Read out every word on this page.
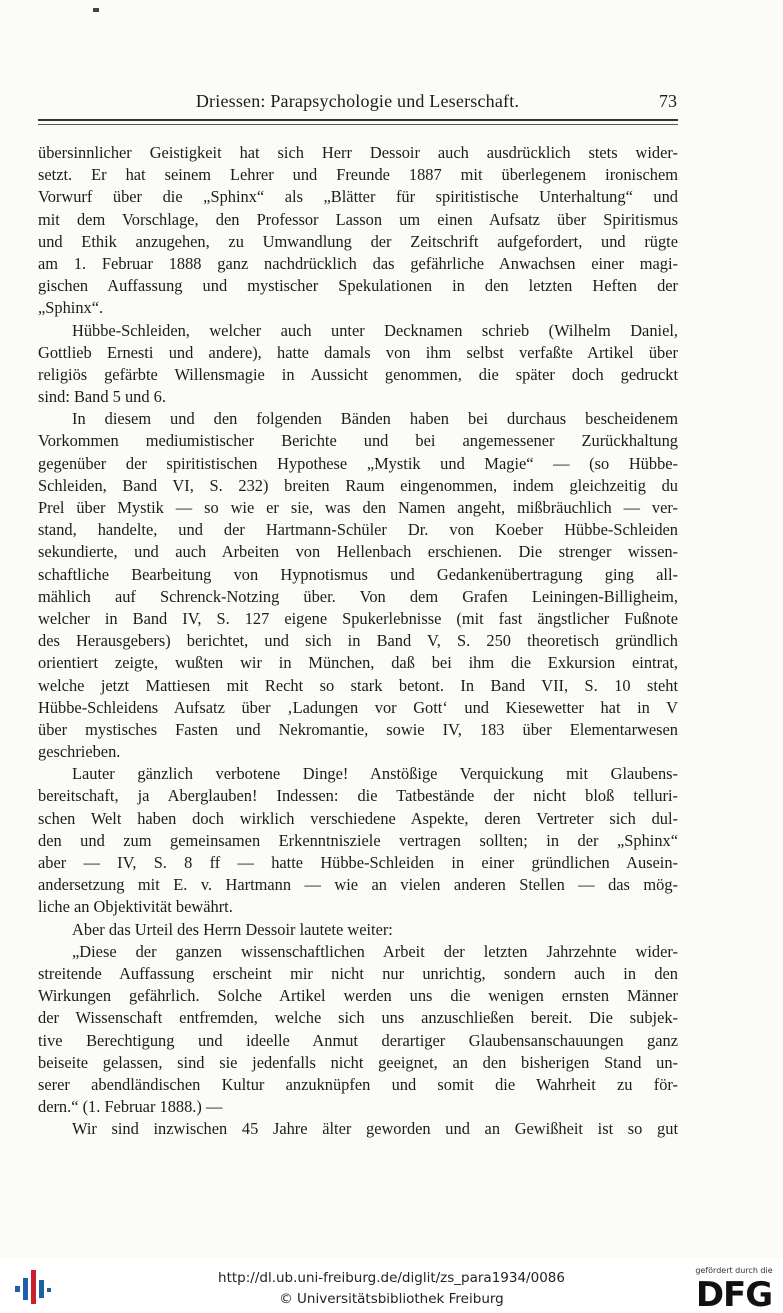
Driessen: Parapsychologie und Leserschaft.	73
übersinnlicher Geistigkeit hat sich Herr Dessoir auch ausdrücklich stets wider-
setzt. Er hat seinem Lehrer und Freunde 1887 mit überlegenem ironischem
Vorwurf über die „Sphinx“ als „Blätter für spiritistische Unterhaltung“ und
mit dem Vorschlage, den Professor Lasson um einen Aufsatz über Spiritismus
und Ethik anzugehen, zu Umwandlung der Zeitschrift aufgefordert, und rügte
am 1. Februar 1888 ganz nachdrücklich das gefährliche Anwachsen einer magi-
gischen Auffassung und mystischer Spekulationen in den letzten Heften der
„Sphinx“.
Hübbe-Schleiden, welcher auch unter Decknamen schrieb (Wilhelm Daniel,
Gottlieb Ernesti und andere), hatte damals von ihm selbst verfaßte Artikel über
religiös gefärbte Willensmagie in Aussicht genommen, die später doch gedruckt
sind: Band 5 und 6.
In diesem und den folgenden Bänden haben bei durchaus bescheidenem
Vorkommen mediumistischer Berichte und bei angemessener Zurückhaltung
gegenüber der spiritistischen Hypothese „Mystik und Magie“ — (so Hübbe-
Schleiden, Band VI, S. 232) breiten Raum eingenommen, indem gleichzeitig du
Prel über Mystik — so wie er sie, was den Namen angeht, mißbräuchlich — ver-
stand, handelte, und der Hartmann-Schüler Dr. von Koeber Hübbe-Schleiden
sekundierte, und auch Arbeiten von Hellenbach erschienen. Die strenger wissen-
schaftliche Bearbeitung von Hypnotismus und Gedankenübertragung ging all-
mählich auf Schrenck-Notzing über. Von dem Grafen Leiningen-Billigheim,
welcher in Band IV, S. 127 eigene Spukerlebnisse (mit fast ängstlicher Fußnote
des Herausgebers) berichtet, und sich in Band V, S. 250 theoretisch gründlich
orientiert zeigte, wußten wir in München, daß bei ihm die Exkursion eintrat,
welche jetzt Mattiesen mit Recht so stark betont. In Band VII, S. 10 steht
Hübbe-Schleidens Aufsatz über ‚Ladungen vor Gott‘ und Kiesewetter hat in V
über mystisches Fasten und Nekromantie, sowie IV, 183 über Elementarwesen
geschrieben.
Lauter gänzlich verbotene Dinge! Anstößige Verquickung mit Glaubens-
bereitschaft, ja Aberglauben! Indessen: die Tatbestände der nicht bloß telluri-
schen Welt haben doch wirklich verschiedene Aspekte, deren Vertreter sich dul-
den und zum gemeinsamen Erkenntnisziele vertragen sollten; in der „Sphinx“
aber — IV, S. 8 ff — hatte Hübbe-Schleiden in einer gründlichen Ausein-
andersetzung mit E. v. Hartmann — wie an vielen anderen Stellen — das mög-
liche an Objektivität bewährt.
Aber das Urteil des Herrn Dessoir lautete weiter:
„Diese der ganzen wissenschaftlichen Arbeit der letzten Jahrzehnte wider-
streitende Auffassung erscheint mir nicht nur unrichtig, sondern auch in den
Wirkungen gefährlich. Solche Artikel werden uns die wenigen ernsten Männer
der Wissenschaft entfremden, welche sich uns anzuschließen bereit. Die subjek-
tive Berechtigung und ideelle Anmut derartiger Glaubensanschauungen ganz
beiseite gelassen, sind sie jedenfalls nicht geeignet, an den bisherigen Stand un-
serer abendländischen Kultur anzuknüpfen und somit die Wahrheit zu för-
dern.“ (1. Februar 1888.) —
Wir sind inzwischen 45 Jahre älter geworden und an Gewißheit ist so gut
http://dl.ub.uni-freiburg.de/diglit/zs_para1934/0086
© Universitätsbibliothek Freiburg
gefördert durch die
DFG
